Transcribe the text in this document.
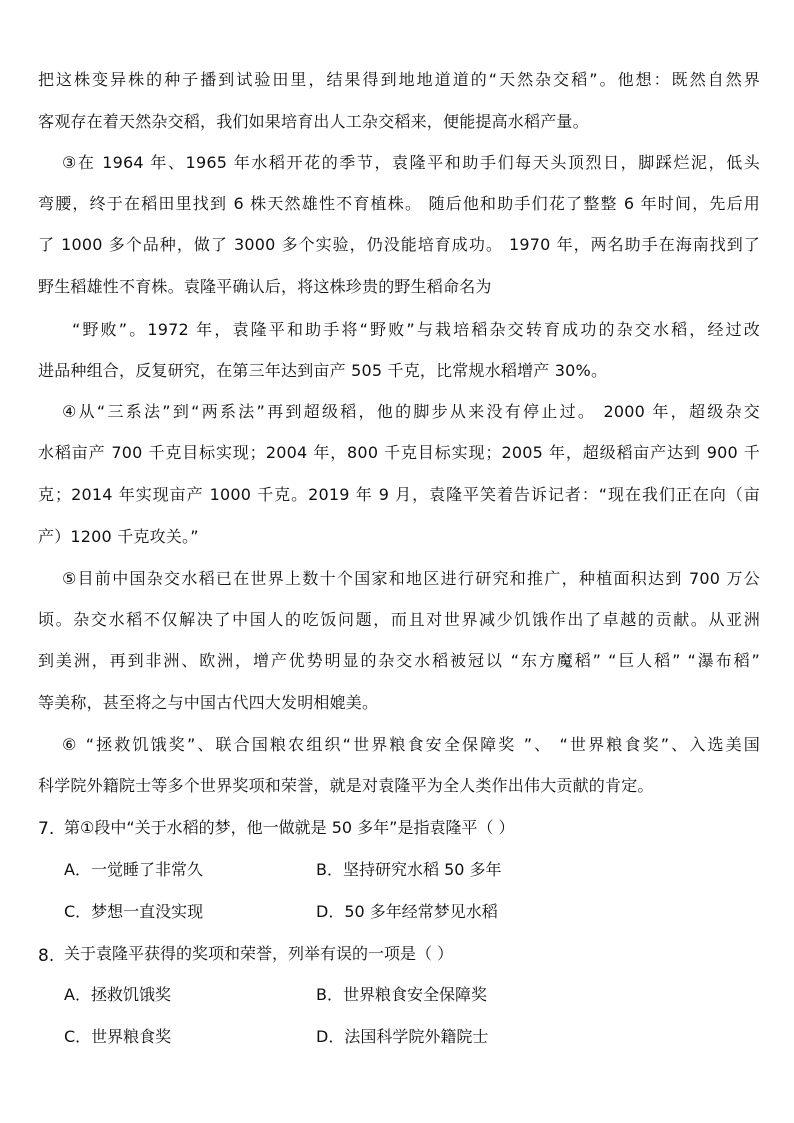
把这株变异株的种子播到试验田里，结果得到地地道道的“天然杂交稻”。他想：既然自然界
客观存在着天然杂交稻，我们如果培育出人工杂交稻来，便能提高水稻产量。
③在 1964 年、1965 年水稻开花的季节，袁隆平和助手们每天头顶烈日，脚踩烂泥，低头
弯腰，终于在稻田里找到 6 株天然雄性不育植株。 随后他和助手们花了整整 6 年时间，先后用
了 1000 多个品种，做了 3000 多个实验，仍没能培育成功。 1970 年，两名助手在海南找到了
野生稻雄性不育株。袁隆平确认后，将这株珍贵的野生稻命名为
“野败”。1972 年，袁隆平和助手将“野败”与栽培稻杂交转育成功的杂交水稻，经过改
进品种组合，反复研究，在第三年达到亩产 505 千克，比常规水稻增产 30%。
④从“三系法”到“两系法”再到超级稻，他的脚步从来没有停止过。 2000 年，超级杂交
水稻亩产 700 千克目标实现；2004 年，800 千克目标实现；2005 年，超级稻亩产达到 900 千
克；2014 年实现亩产 1000 千克。2019 年 9 月，袁隆平笑着告诉记者：“现在我们正在向（亩
产）1200 千克攻关。”
⑤目前中国杂交水稻已在世界上数十个国家和地区进行研究和推广，种植面积达到 700 万公
顷。杂交水稻不仅解决了中国人的吃饭问题，而且对世界减少饥饿作出了卓越的贡献。从亚洲
到美洲，再到非洲、欧洲，增产优势明显的杂交水稻被冠以 “东方魔稻” “巨人稻” “瀑布稻”
等美称，甚至将之与中国古代四大发明相媲美。
⑥ “拯救饥饿奖”、联合国粮农组织“世界粮食安全保障奖 ”、 “世界粮食奖”、入选美国
科学院外籍院士等多个世界奖项和荣誉，就是对袁隆平为全人类作出伟大贡献的肯定。
7. 第①段中“关于水稻的梦，他一做就是 50 多年”是指袁隆平（ ）
A．一觉睡了非常久	B．坚持研究水稻 50 多年
C．梦想一直没实现	D．50 多年经常梦见水稻
8. 关于袁隆平获得的奖项和荣誉，列举有误的一项是（ ）
A．拯救饥饿奖	B．世界粮食安全保障奖
C．世界粮食奖	D．法国科学院外籍院士
